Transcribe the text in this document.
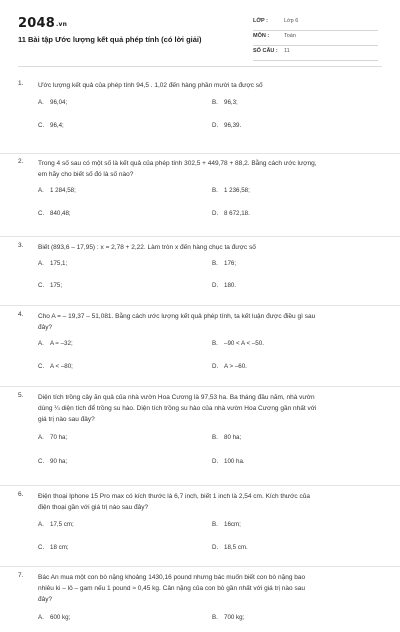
2048.vn
11 Bài tập Ước lượng kết quả phép tính (có lời giải)
LỚP :	Lớp 6
MÔN :	Toán
SỐ CÂU : 11
1. Ước lượng kết quả của phép tính 94,5 . 1,02 đến hàng phần mười ta được số
A. 96,04;	B. 96,3;
C. 96,4;	D. 96,39.
2. Trong 4 số sau có một số là kết quả của phép tính 302,5 + 449,78 + 88,2. Bằng cách ước lượng,
em hãy cho biết số đó là số nào?
A. 1 284,58;	B. 1 236,58;
C. 840,48;	D. 8 672,18.
3. Biết (893,6 – 17,95) : x = 2,78 + 2,22. Làm tròn x đến hàng chục ta được số
A. 175,1;	B. 176;
C. 175;	D. 180.
4. Cho A = – 19,37 – 51,081. Bằng cách ước lượng kết quả phép tính, ta kết luận được điều gì sau
đây?
A. A ≈ –32;	B. –90 < A < –50.
C. A < –80;	D. A > –60.
5. Diện tích trồng cây ăn quả của nhà vườn Hoa Cương là 97,53 ha. Ba tháng đầu năm, nhà vườn
dùng ¼ diện tích để trồng su hào. Diện tích trồng su hào của nhà vườn Hoa Cương gần nhất với
giá trị nào sau đây?
A. 70 ha;	B. 80 ha;
C. 90 ha;	D. 100 ha.
6. Điện thoại Iphone 15 Pro max có kích thước là 6,7 inch, biết 1 inch là 2,54 cm. Kích thước của
điện thoại gần với giá trị nào sau đây?
A. 17,5 cm;	B. 16cm;
C. 18 cm;	D. 18,5 cm.
7. Bác An mua một con bò nặng khoảng 1430,16 pound nhưng bác muốn biết con bò nặng bao
nhiêu ki – lô – gam nếu 1 pound ≈ 0,45 kg. Cân nặng của con bò gần nhất với giá trị nào sau
đây?
A. 600 kg;	B. 700 kg;
